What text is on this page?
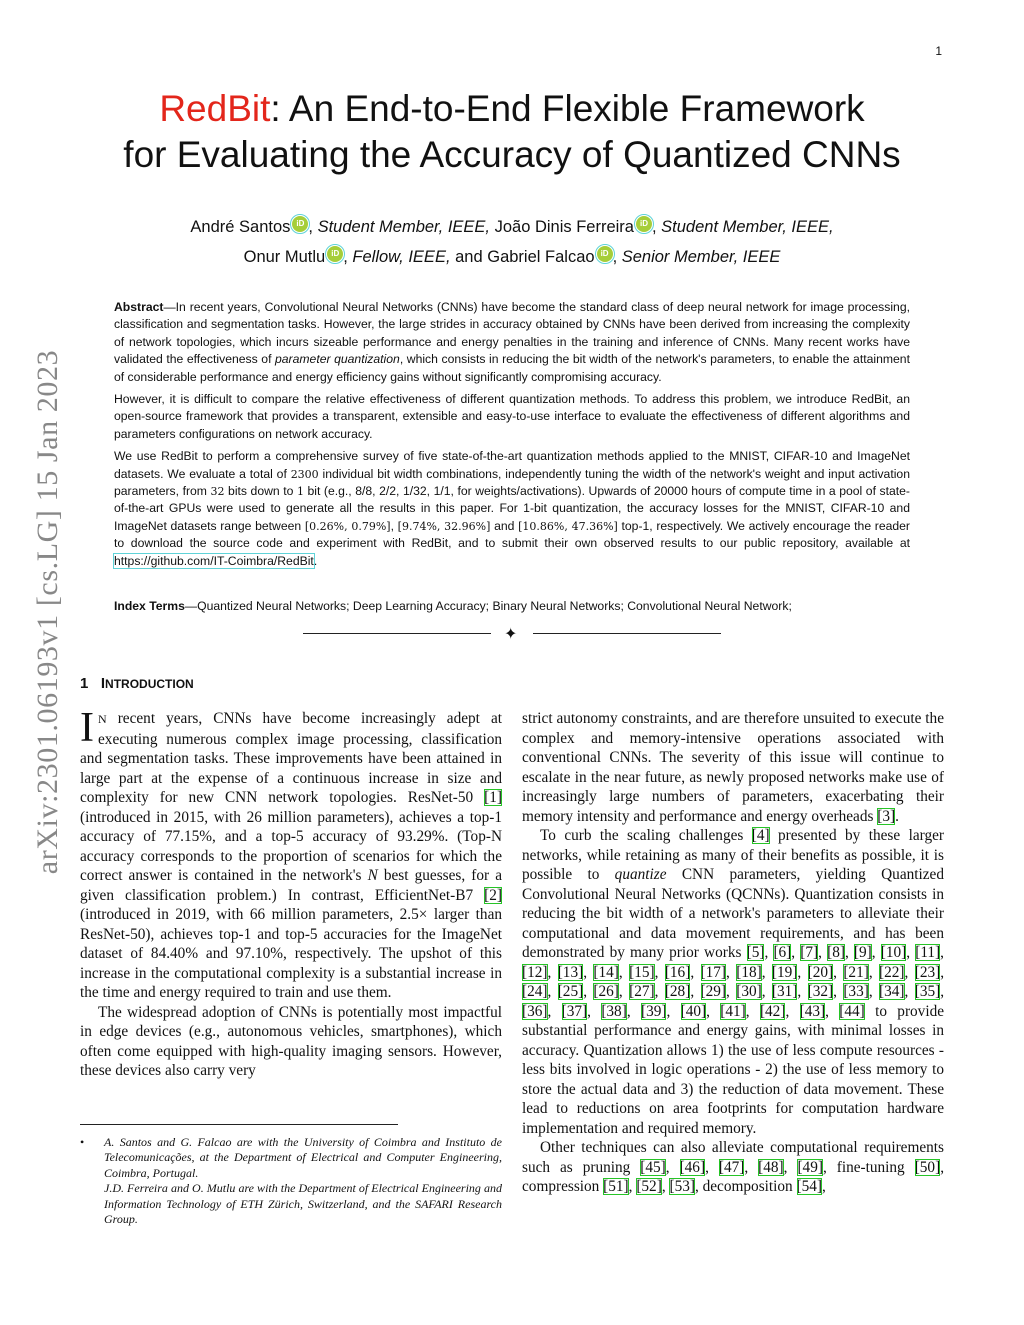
1
arXiv:2301.06193v1 [cs.LG] 15 Jan 2023
RedBit: An End-to-End Flexible Framework
for Evaluating the Accuracy of Quantized CNNs
André Santos iD , Student Member, IEEE, João Dinis Ferreira iD , Student Member, IEEE,
Onur Mutlu iD , Fellow, IEEE, and Gabriel Falcao iD , Senior Member, IEEE

Abstract—In recent years, Convolutional Neural Networks (CNNs) have become the standard class of deep neural network for image processing, classification and segmentation tasks. However, the large strides in accuracy obtained by CNNs have been derived from increasing the complexity of network topologies, which incurs sizeable performance and energy penalties in the training and inference of CNNs. Many recent works have validated the effectiveness of parameter quantization, which consists in reducing the bit width of the network's parameters, to enable the attainment of considerable performance and energy efficiency gains without significantly compromising accuracy.

However, it is difficult to compare the relative effectiveness of different quantization methods. To address this problem, we introduce RedBit, an open-source framework that provides a transparent, extensible and easy-to-use interface to evaluate the effectiveness of different algorithms and parameters configurations on network accuracy.

We use RedBit to perform a comprehensive survey of five state-of-the-art quantization methods applied to the MNIST, CIFAR-10 and ImageNet datasets. We evaluate a total of 2300 individual bit width combinations, independently tuning the width of the network's weight and input activation parameters, from 32 bits down to 1 bit (e.g., 8/8, 2/2, 1/32, 1/1, for weights/activations). Upwards of 20000 hours of compute time in a pool of state-of-the-art GPUs were used to generate all the results in this paper. For 1-bit quantization, the accuracy losses for the MNIST, CIFAR-10 and ImageNet datasets range between [0.26%, 0.79%], [9.74%, 32.96%] and [10.86%, 47.36%] top-1, respectively. We actively encourage the reader to download the source code and experiment with RedBit, and to submit their own observed results to our public repository, available at https://github.com/IT-Coimbra/RedBit.

Index Terms—Quantized Neural Networks; Deep Learning Accuracy; Binary Neural Networks; Convolutional Neural Network;
✦
1 INTRODUCTION

I N recent years, CNNs have become increasingly adept at executing numerous complex image processing, classification and segmentation tasks. These improvements have been attained in large part at the expense of a continuous increase in size and complexity for new CNN network topologies. ResNet-50 [1] (introduced in 2015, with 26 million parameters), achieves a top-1 accuracy of 77.15%, and a top-5 accuracy of 93.29%. (Top-N accuracy corresponds to the proportion of scenarios for which the correct answer is contained in the network's N best guesses, for a given classification problem.) In contrast, EfficientNet-B7 [2] (introduced in 2019, with 66 million parameters, 2.5× larger than ResNet-50), achieves top-1 and top-5 accuracies for the ImageNet dataset of 84.40% and 97.10%, respectively. The upshot of this increase in the computational complexity is a substantial increase in the time and energy required to train and use them.

The widespread adoption of CNNs is potentially most impactful in edge devices (e.g., autonomous vehicles, smartphones), which often come equipped with high-quality imaging sensors. However, these devices also carry very

strict autonomy constraints, and are therefore unsuited to execute the complex and memory-intensive operations associated with conventional CNNs. The severity of this issue will continue to escalate in the near future, as newly proposed networks make use of increasingly large numbers of parameters, exacerbating their memory intensity and performance and energy overheads [3].

To curb the scaling challenges [4] presented by these larger networks, while retaining as many of their benefits as possible, it is possible to quantize CNN parameters, yielding Quantized Convolutional Neural Networks (QCNNs). Quantization consists in reducing the bit width of a network's parameters to alleviate their computational and data movement requirements, and has been demonstrated by many prior works [5], [6], [7], [8], [9], [10], [11], [12], [13], [14], [15], [16], [17], [18], [19], [20], [21], [22], [23], [24], [25], [26], [27], [28], [29], [30], [31], [32], [33], [34], [35], [36], [37], [38], [39], [40], [41], [42], [43], [44] to provide substantial performance and energy gains, with minimal losses in accuracy. Quantization allows 1) the use of less compute resources - less bits involved in logic operations - 2) the use of less memory to store the actual data and 3) the reduction of data movement. These lead to reductions on area footprints for computation hardware implementation and required memory.

Other techniques can also alleviate computational requirements such as pruning [45], [46], [47], [48], [49], fine-tuning [50], compression [51], [52], [53], decomposition [54],

• A. Santos and G. Falcao are with the University of Coimbra and Instituto de Telecomunicações, at the Department of Electrical and Computer Engineering, Coimbra, Portugal.

J.D. Ferreira and O. Mutlu are with the Department of Electrical Engineering and Information Technology of ETH Zürich, Switzerland, and the SAFARI Research Group.
